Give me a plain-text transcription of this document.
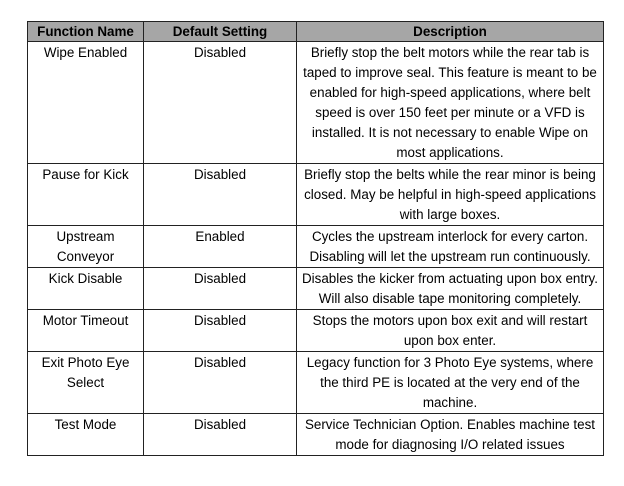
Function Name	Default Setting	Description
Wipe Enabled	Disabled	Briefly stop the belt motors while the rear tab is taped to improve seal. This feature is meant to be enabled for high-speed applications, where belt speed is over 150 feet per minute or a VFD is installed. It is not necessary to enable Wipe on most applications.
Pause for Kick	Disabled	Briefly stop the belts while the rear minor is being closed. May be helpful in high-speed applications with large boxes.
Upstream Conveyor	Enabled	Cycles the upstream interlock for every carton. Disabling will let the upstream run continuously.
Kick Disable	Disabled	Disables the kicker from actuating upon box entry. Will also disable tape monitoring completely.
Motor Timeout	Disabled	Stops the motors upon box exit and will restart upon box enter.
Exit Photo Eye Select	Disabled	Legacy function for 3 Photo Eye systems, where the third PE is located at the very end of the machine.
Test Mode	Disabled	Service Technician Option. Enables machine test mode for diagnosing I/O related issues
